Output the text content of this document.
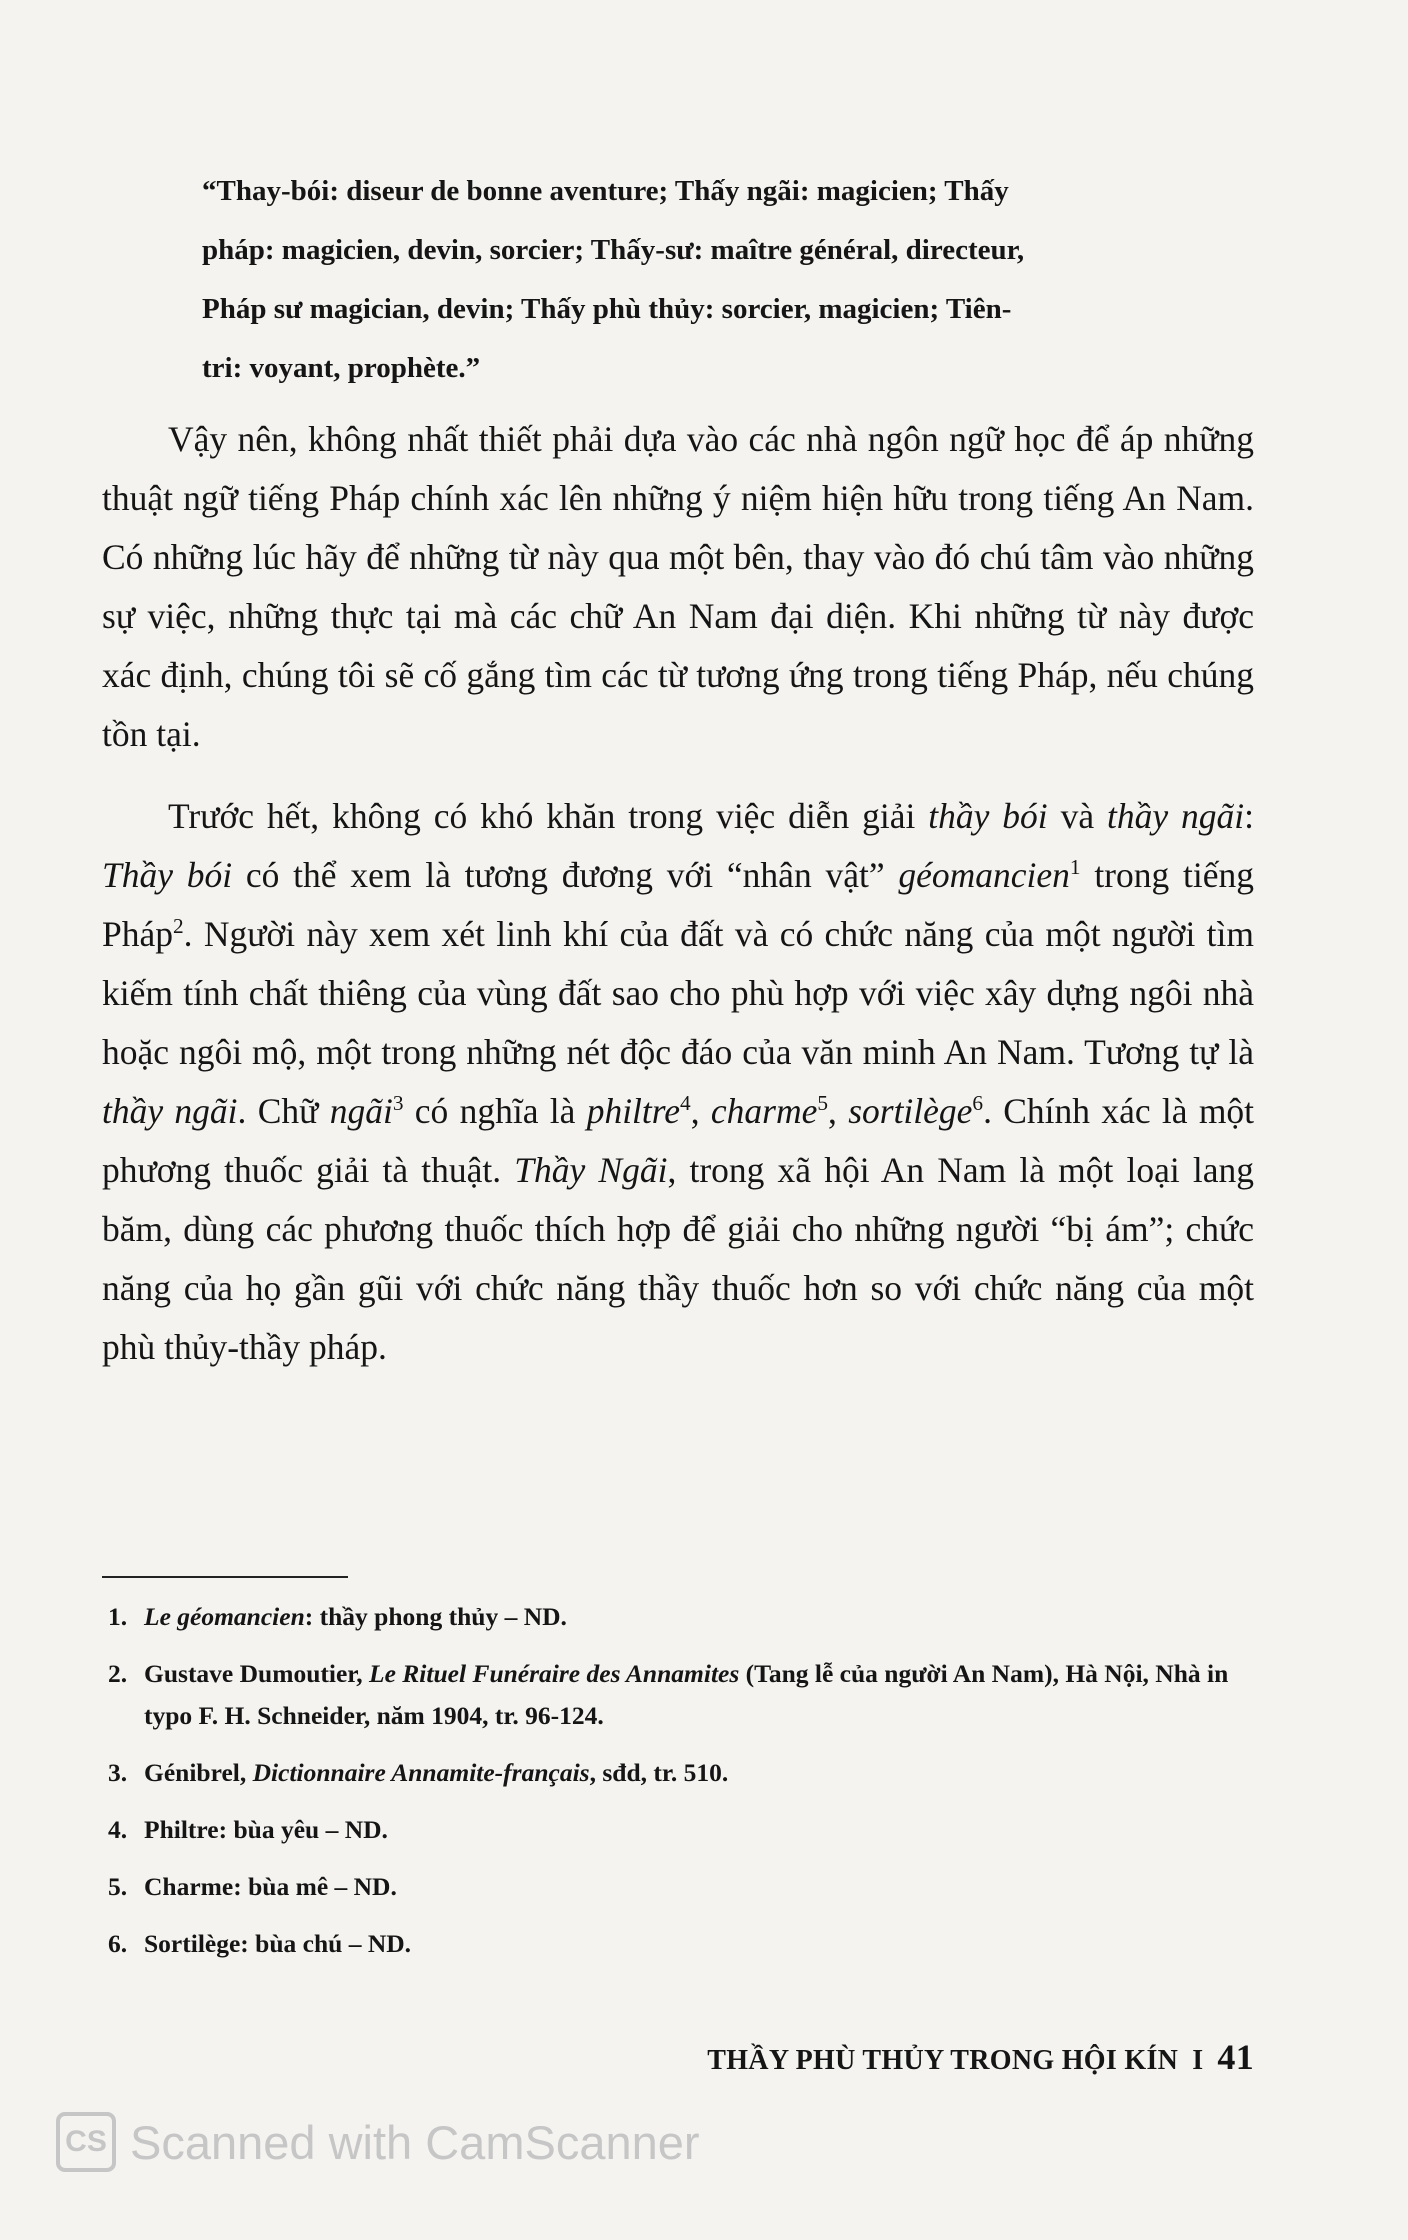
“Thay-bói: diseur de bonne aventure; Thấy ngãi: magicien; Thấy

pháp: magicien, devin, sorcier; Thấy-sư: maître général, directeur,

Pháp sư magician, devin; Thấy phù thủy: sorcier, magicien; Tiên-

tri: voyant, prophète.”

Vậy nên, không nhất thiết phải dựa vào các nhà ngôn ngữ học để áp những thuật ngữ tiếng Pháp chính xác lên những ý niệm hiện hữu trong tiếng An Nam. Có những lúc hãy để những từ này qua một bên, thay vào đó chú tâm vào những sự việc, những thực tại mà các chữ An Nam đại diện. Khi những từ này được xác định, chúng tôi sẽ cố gắng tìm các từ tương ứng trong tiếng Pháp, nếu chúng tồn tại.

Trước hết, không có khó khăn trong việc diễn giải thầy bói và thầy ngãi: Thầy bói có thể xem là tương đương với “nhân vật” géomancien$^1$ trong tiếng Pháp$^2$. Người này xem xét linh khí của đất và có chức năng của một người tìm kiếm tính chất thiêng của vùng đất sao cho phù hợp với việc xây dựng ngôi nhà hoặc ngôi mộ, một trong những nét độc đáo của văn minh An Nam. Tương tự là thầy ngãi. Chữ ngãi$^3$ có nghĩa là philtre$^4$, charme$^5$, sortilège$^6$. Chính xác là một phương thuốc giải tà thuật. Thầy Ngãi, trong xã hội An Nam là một loại lang băm, dùng các phương thuốc thích hợp để giải cho những người “bị ám”; chức năng của họ gần gũi với chức năng thầy thuốc hơn so với chức năng của một phù thủy-thầy pháp.

1. Le géomancien: thầy phong thủy – ND.
2. Gustave Dumoutier, Le Rituel Funéraire des Annamites (Tang lễ của người An Nam), Hà Nội, Nhà in typo F. H. Schneider, năm 1904, tr. 96-124.
3. Génibrel, Dictionnaire Annamite-français, sđd, tr. 510.
4. Philtre: bùa yêu – ND.
5. Charme: bùa mê – ND.
6. Sortilège: bùa chú – ND.
THẦY PHÙ THỦY TRONG HỘI KÍN I 41
CS Scanned with CamScanner
